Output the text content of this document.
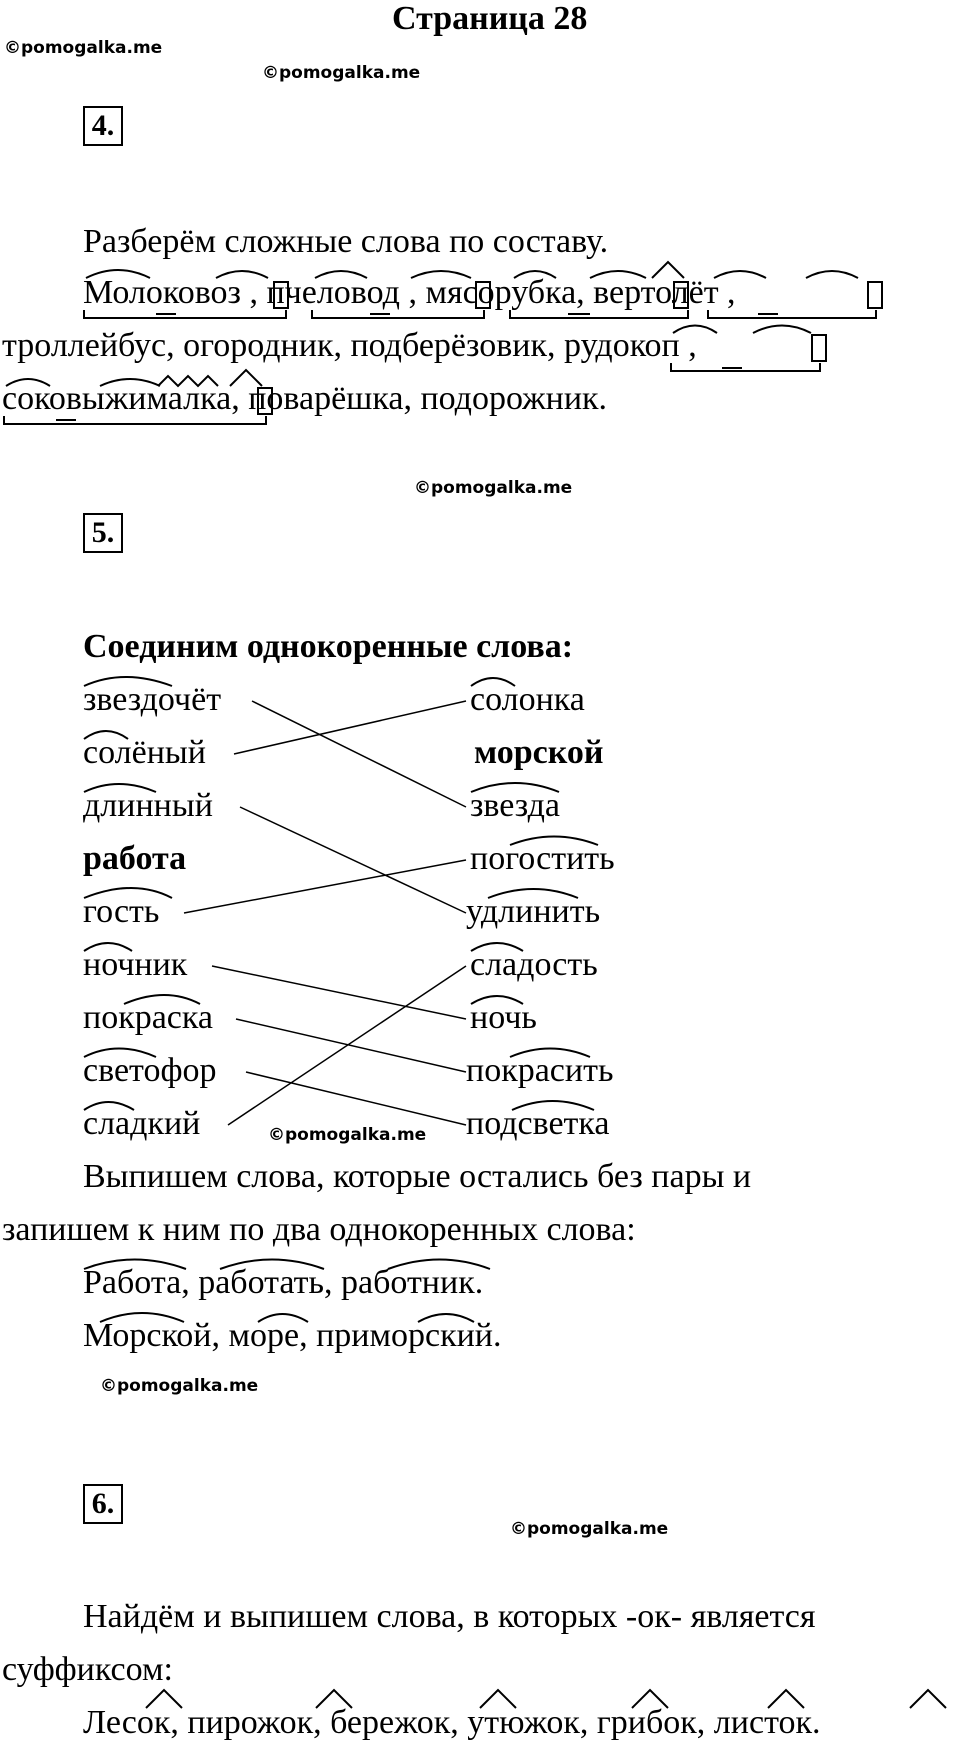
Страница 28
©pomogalka.me
©pomogalka.me
4.
Разберём сложные слова по составу.
Молоковоз , пчеловод , мясорубка, вертолёт ,
троллейбус, огородник, подберёзовик, рудокоп ,
соковыжималка, поварёшка, подорожник.
©pomogalka.me
5.
Соединим однокоренные слова:
звездочёт
солёный
длинный
работа
гость
ночник
покраска
светофор
сладкий
солонка
морской
звезда
погостить
удлинить
сладость
ночь
покрасить
подсветка
©pomogalka.me
Выпишем слова, которые остались без пары и
запишем к ним по два однокоренных слова:
Работа, работать, работник.
Морской, море, приморский.
©pomogalka.me
6.
©pomogalka.me
Найдём и выпишем слова, в которых -ок- является
суффиксом:
Лесок, пирожок, бережок, утюжок, грибок, листок.
